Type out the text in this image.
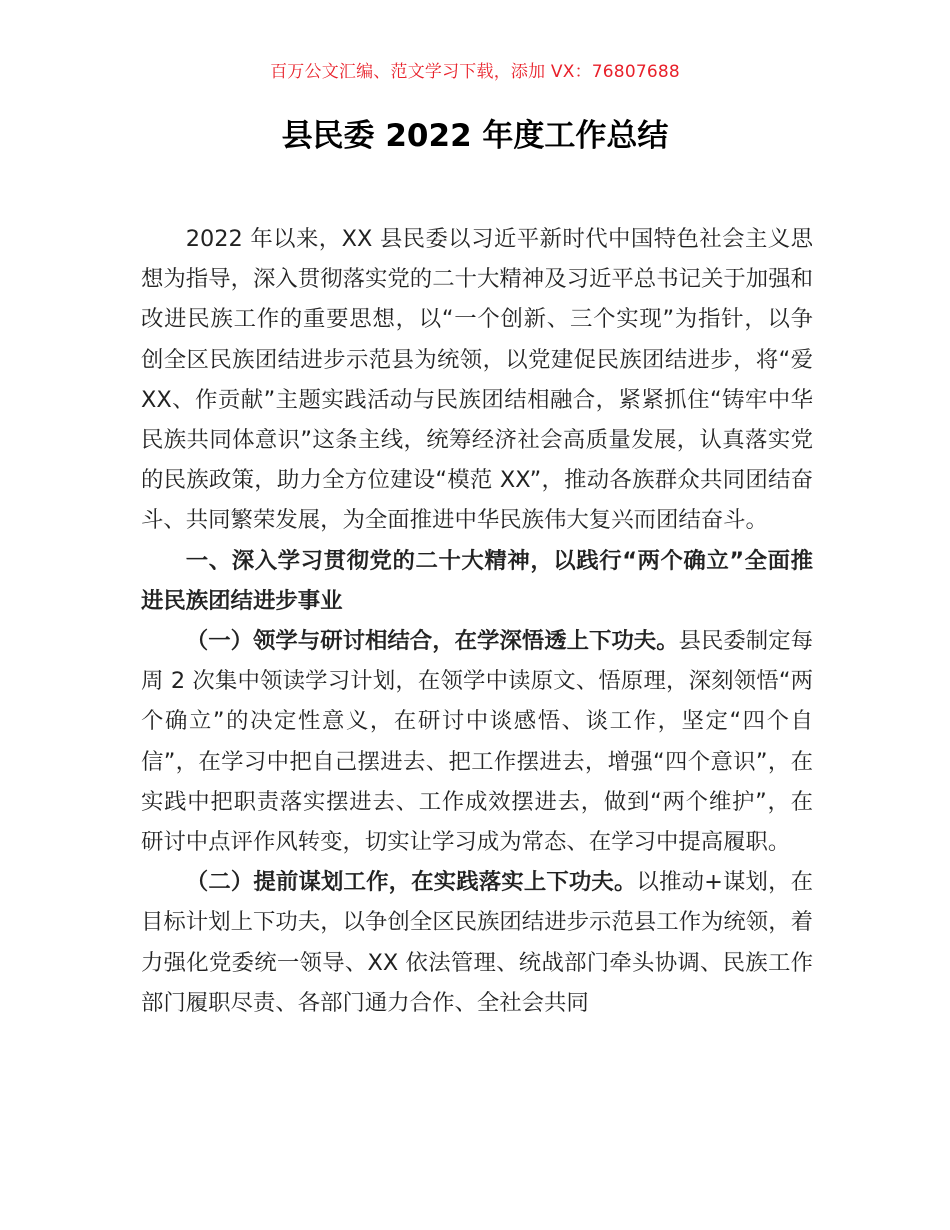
百万公文汇编、范文学习下载，添加 VX：76807688
县民委 2022 年度工作总结

2022 年以来，XX 县民委以习近平新时代中国特色社会主义思想为指导，深入贯彻落实党的二十大精神及习近平总书记关于加强和改进民族工作的重要思想，以“一个创新、三个实现”为指针，以争创全区民族团结进步示范县为统领，以党建促民族团结进步，将“爱 XX、作贡献”主题实践活动与民族团结相融合，紧紧抓住“铸牢中华民族共同体意识”这条主线，统筹经济社会高质量发展，认真落实党的民族政策，助力全方位建设“模范 XX”，推动各族群众共同团结奋斗、共同繁荣发展，为全面推进中华民族伟大复兴而团结奋斗。

一、深入学习贯彻党的二十大精神，以践行“两个确立”全面推进民族团结进步事业

（一）领学与研讨相结合，在学深悟透上下功夫。县民委制定每周 2 次集中领读学习计划，在领学中读原文、悟原理，深刻领悟“两个确立”的决定性意义，在研讨中谈感悟、谈工作，坚定“四个自信”，在学习中把自己摆进去、把工作摆进去，增强“四个意识”，在实践中把职责落实摆进去、工作成效摆进去，做到“两个维护”，在研讨中点评作风转变，切实让学习成为常态、在学习中提高履职。

（二）提前谋划工作，在实践落实上下功夫。以推动+谋划，在目标计划上下功夫，以争创全区民族团结进步示范县工作为统领，着力强化党委统一领导、XX 依法管理、统战部门牵头协调、民族工作部门履职尽责、各部门通力合作、全社会共同
